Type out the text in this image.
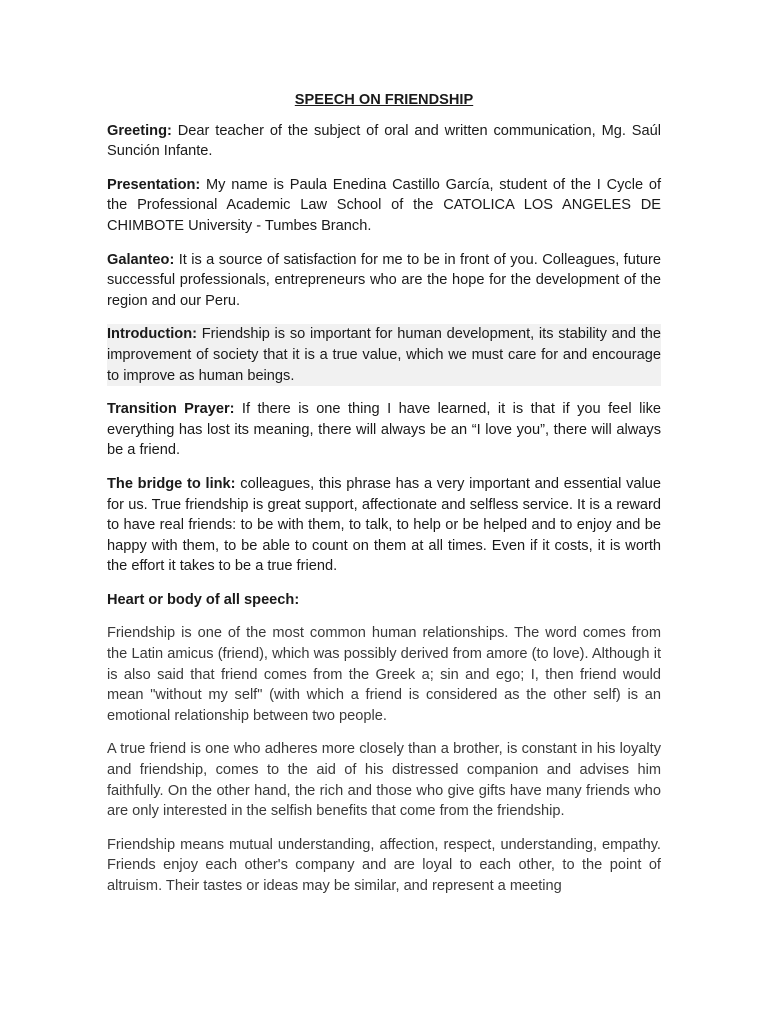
SPEECH ON FRIENDSHIP

Greeting: Dear teacher of the subject of oral and written communication, Mg. Saúl Sunción Infante.

Presentation: My name is Paula Enedina Castillo García, student of the I Cycle of the Professional Academic Law School of the CATOLICA LOS ANGELES DE CHIMBOTE University - Tumbes Branch.

Galanteo: It is a source of satisfaction for me to be in front of you. Colleagues, future successful professionals, entrepreneurs who are the hope for the development of the region and our Peru.

Introduction: Friendship is so important for human development, its stability and the improvement of society that it is a true value, which we must care for and encourage to improve as human beings.

Transition Prayer: If there is one thing I have learned, it is that if you feel like everything has lost its meaning, there will always be an “I love you”, there will always be a friend.

The bridge to link: colleagues, this phrase has a very important and essential value for us. True friendship is great support, affectionate and selfless service. It is a reward to have real friends: to be with them, to talk, to help or be helped and to enjoy and be happy with them, to be able to count on them at all times. Even if it costs, it is worth the effort it takes to be a true friend.

Heart or body of all speech:

Friendship is one of the most common human relationships. The word comes from the Latin amicus (friend), which was possibly derived from amore (to love). Although it is also said that friend comes from the Greek a; sin and ego; I, then friend would mean "without my self" (with which a friend is considered as the other self) is an emotional relationship between two people.

A true friend is one who adheres more closely than a brother, is constant in his loyalty and friendship, comes to the aid of his distressed companion and advises him faithfully. On the other hand, the rich and those who give gifts have many friends who are only interested in the selfish benefits that come from the friendship.

Friendship means mutual understanding, affection, respect, understanding, empathy. Friends enjoy each other's company and are loyal to each other, to the point of altruism. Their tastes or ideas may be similar, and represent a meeting
